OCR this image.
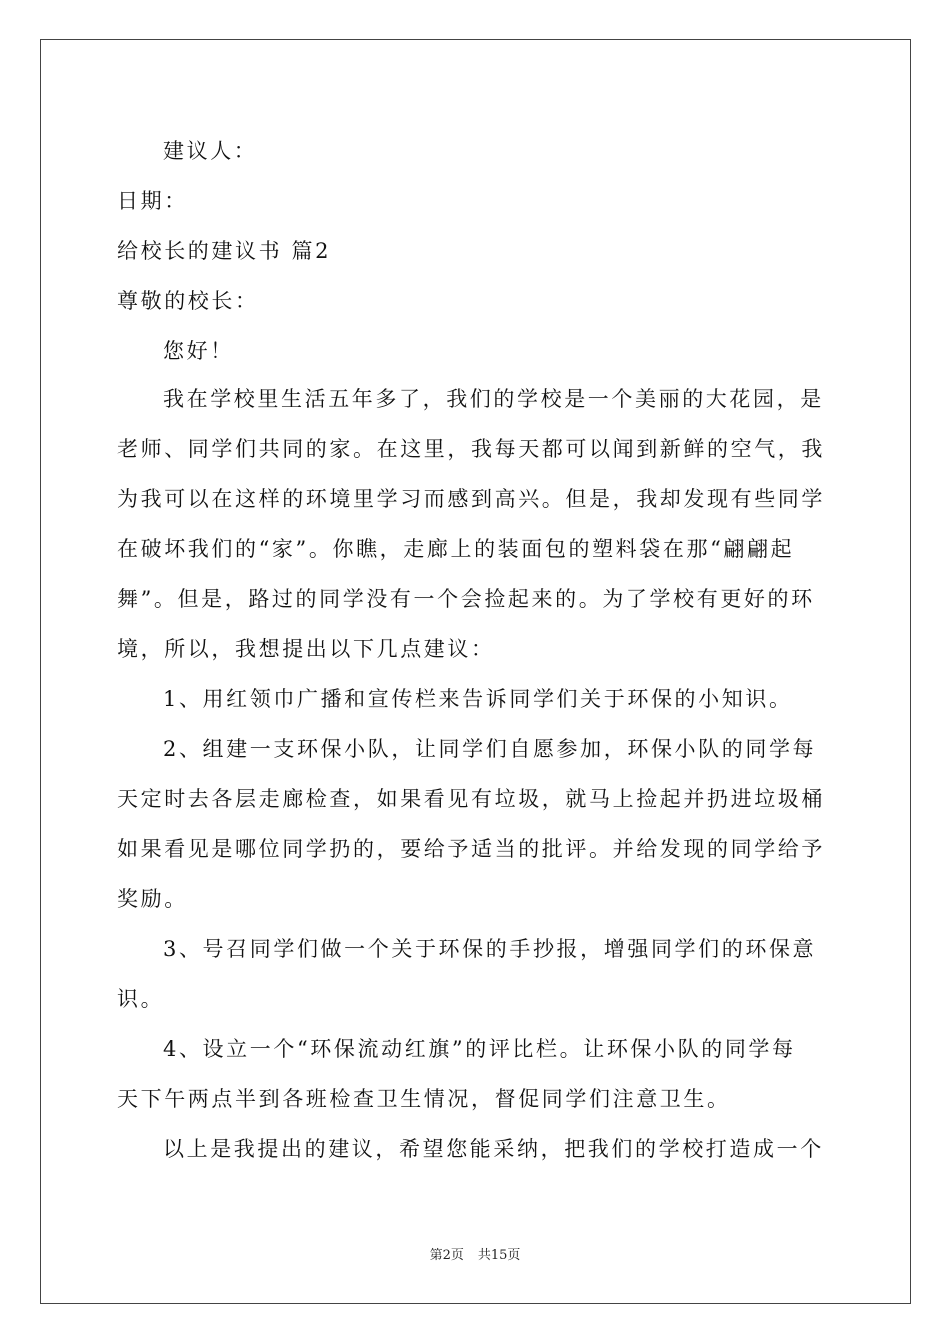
建议人：
日期：
给校长的建议书 篇2
尊敬的校长：
您好！
我在学校里生活五年多了，我们的学校是一个美丽的大花园，是
老师、同学们共同的家。在这里，我每天都可以闻到新鲜的空气，我
为我可以在这样的环境里学习而感到高兴。但是，我却发现有些同学
在破坏我们的“家”。你瞧，走廊上的装面包的塑料袋在那“翩翩起
舞”。但是，路过的同学没有一个会捡起来的。为了学校有更好的环
境，所以，我想提出以下几点建议：
1、用红领巾广播和宣传栏来告诉同学们关于环保的小知识。
2、组建一支环保小队，让同学们自愿参加，环保小队的同学每
天定时去各层走廊检查，如果看见有垃圾，就马上捡起并扔进垃圾桶
如果看见是哪位同学扔的，要给予适当的批评。并给发现的同学给予
奖励。
3、号召同学们做一个关于环保的手抄报，增强同学们的环保意
识。
4、设立一个“环保流动红旗”的评比栏。让环保小队的同学每
天下午两点半到各班检查卫生情况，督促同学们注意卫生。
以上是我提出的建议，希望您能采纳，把我们的学校打造成一个
第2页 共15页
